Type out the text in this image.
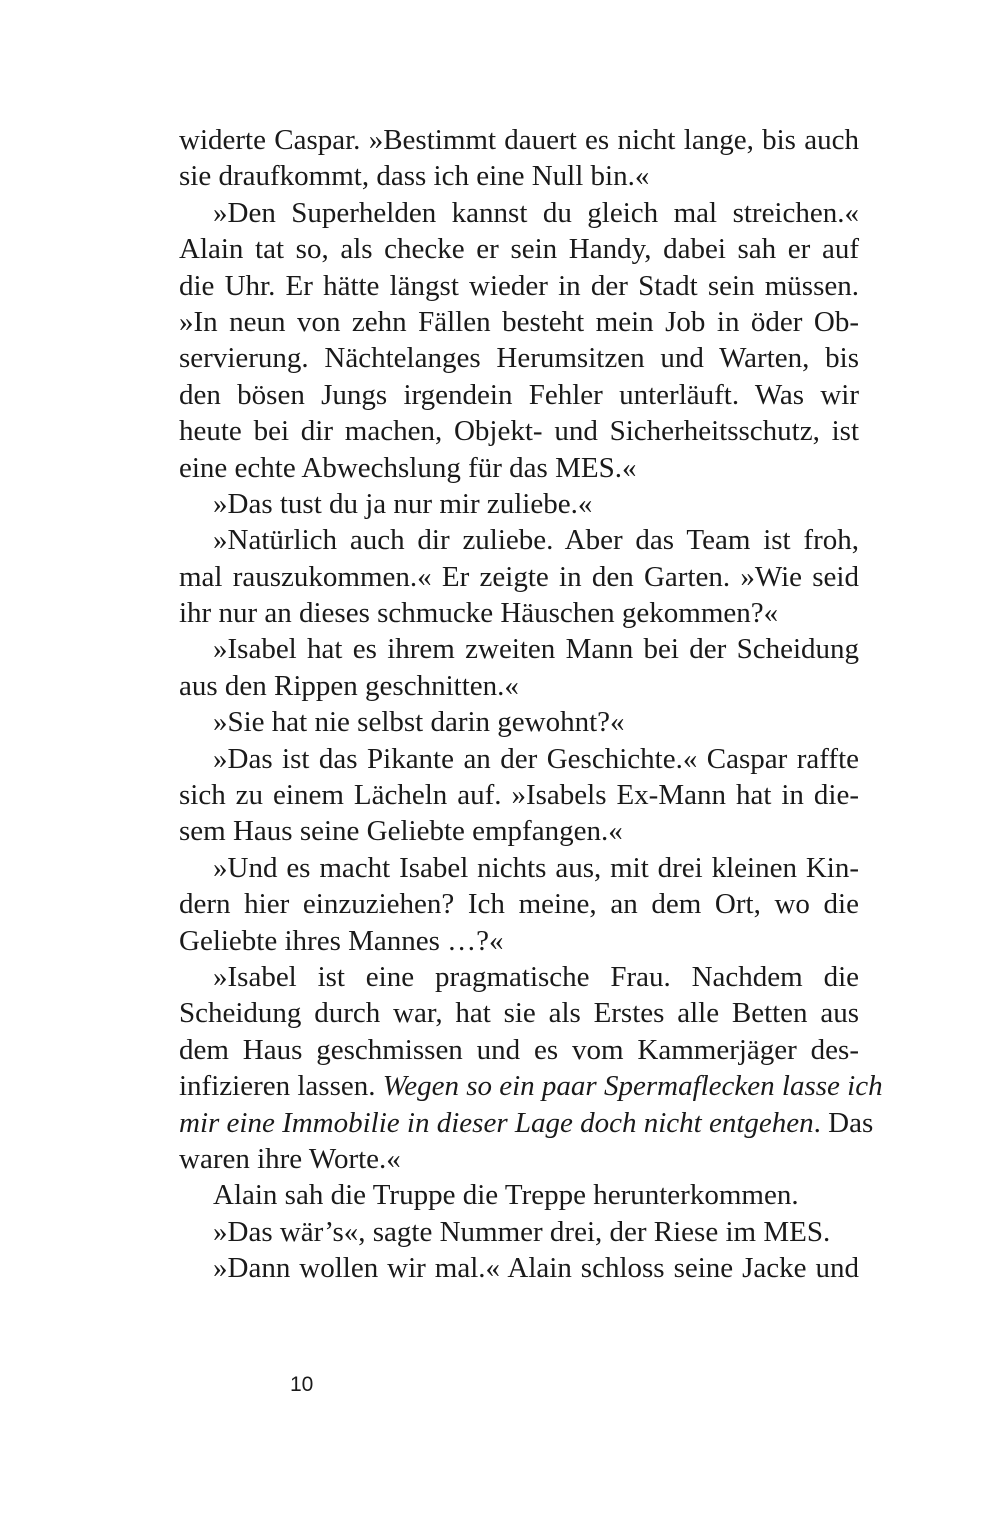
widerte Caspar. »Bestimmt dauert es nicht lange, bis auch
sie draufkommt, dass ich eine Null bin.«
»Den Superhelden kannst du gleich mal streichen.«
Alain tat so, als checke er sein Handy, dabei sah er auf
die Uhr. Er hätte längst wieder in der Stadt sein müssen.
»In neun von zehn Fällen besteht mein Job in öder Ob-
servierung. Nächtelanges Herumsitzen und Warten, bis
den bösen Jungs irgendein Fehler unterläuft. Was wir
heute bei dir machen, Objekt- und Sicherheitsschutz, ist
eine echte Abwechslung für das MES.«
»Das tust du ja nur mir zuliebe.«
»Natürlich auch dir zuliebe. Aber das Team ist froh,
mal rauszukommen.« Er zeigte in den Garten. »Wie seid
ihr nur an dieses schmucke Häuschen gekommen?«
»Isabel hat es ihrem zweiten Mann bei der Scheidung
aus den Rippen geschnitten.«
»Sie hat nie selbst darin gewohnt?«
»Das ist das Pikante an der Geschichte.« Caspar raffte
sich zu einem Lächeln auf. »Isabels Ex-Mann hat in die-
sem Haus seine Geliebte empfangen.«
»Und es macht Isabel nichts aus, mit drei kleinen Kin-
dern hier einzuziehen? Ich meine, an dem Ort, wo die
Geliebte ihres Mannes …?«
»Isabel ist eine pragmatische Frau. Nachdem die
Scheidung durch war, hat sie als Erstes alle Betten aus
dem Haus geschmissen und es vom Kammerjäger des-
infizieren lassen. Wegen so ein paar Spermaflecken lasse ich
mir eine Immobilie in dieser Lage doch nicht entgehen. Das
waren ihre Worte.«
Alain sah die Truppe die Treppe herunterkommen.
»Das wär’s«, sagte Nummer drei, der Riese im MES.
»Dann wollen wir mal.« Alain schloss seine Jacke und
10
